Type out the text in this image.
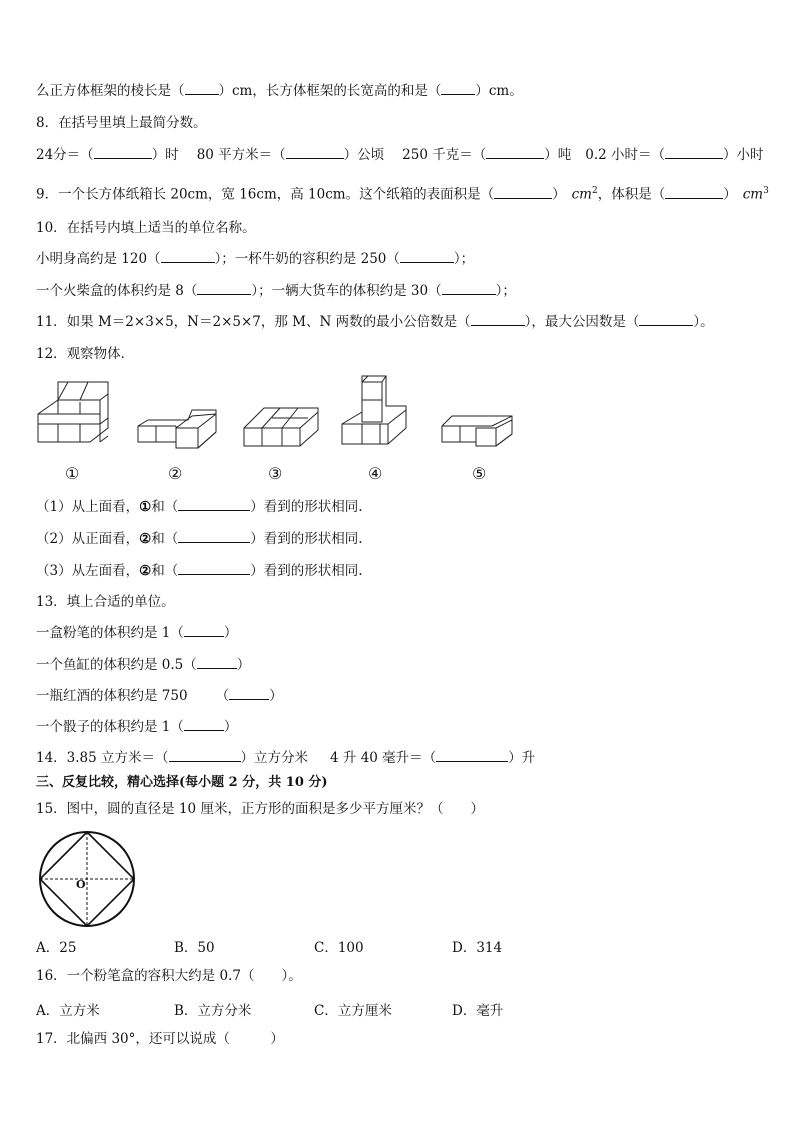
么正方体框架的棱长是（	）cm，长方体框架的长宽高的和是（	）cm。
8．在括号里填上最简分数。
24分＝（	）时 80 平方米＝（	）公顷 250 千克＝（	）吨 0.2 小时＝（	）小时
9．一个长方体纸箱长 20cm，宽 16cm，高 10cm。这个纸箱的表面积是（	） $cm^2$，体积是（	） $cm^3$
10．在括号内填上适当的单位名称。
小明身高约是 120（	）；一杯牛奶的容积约是 250（	）；
一个火柴盒的体积约是 8（	）；一辆大货车的体积约是 30（	）；
11．如果 M＝2×3×5，N＝2×5×7，那 M、N 两数的最小公倍数是（	），最大公因数是（	）。
12．观察物体．
①	②	③	④	⑤
（1）从上面看，①和（	）看到的形状相同.
（2）从正面看，②和（	）看到的形状相同.
（3）从左面看，②和（	）看到的形状相同.
13．填上合适的单位。
一盒粉笔的体积约是 1（	）
一个鱼缸的体积约是 0.5（	）
一瓶红酒的体积约是 750 （	）
一个骰子的体积约是 1（	）
14．3.85 立方米＝（	）立方分米 4 升 40 毫升＝（	）升
三、反复比较，精心选择(每小题 2 分，共 10 分)
15．图中，圆的直径是 10 厘米，正方形的面积是多少平方厘米？（　　）
O
A．25	B．50	C．100	D．314
16．一个粉笔盒的容积大约是 0.7（　　）。
A．立方米	B．立方分米	C．立方厘米	D．毫升
17．北偏西 30°，还可以说成（　　　）
